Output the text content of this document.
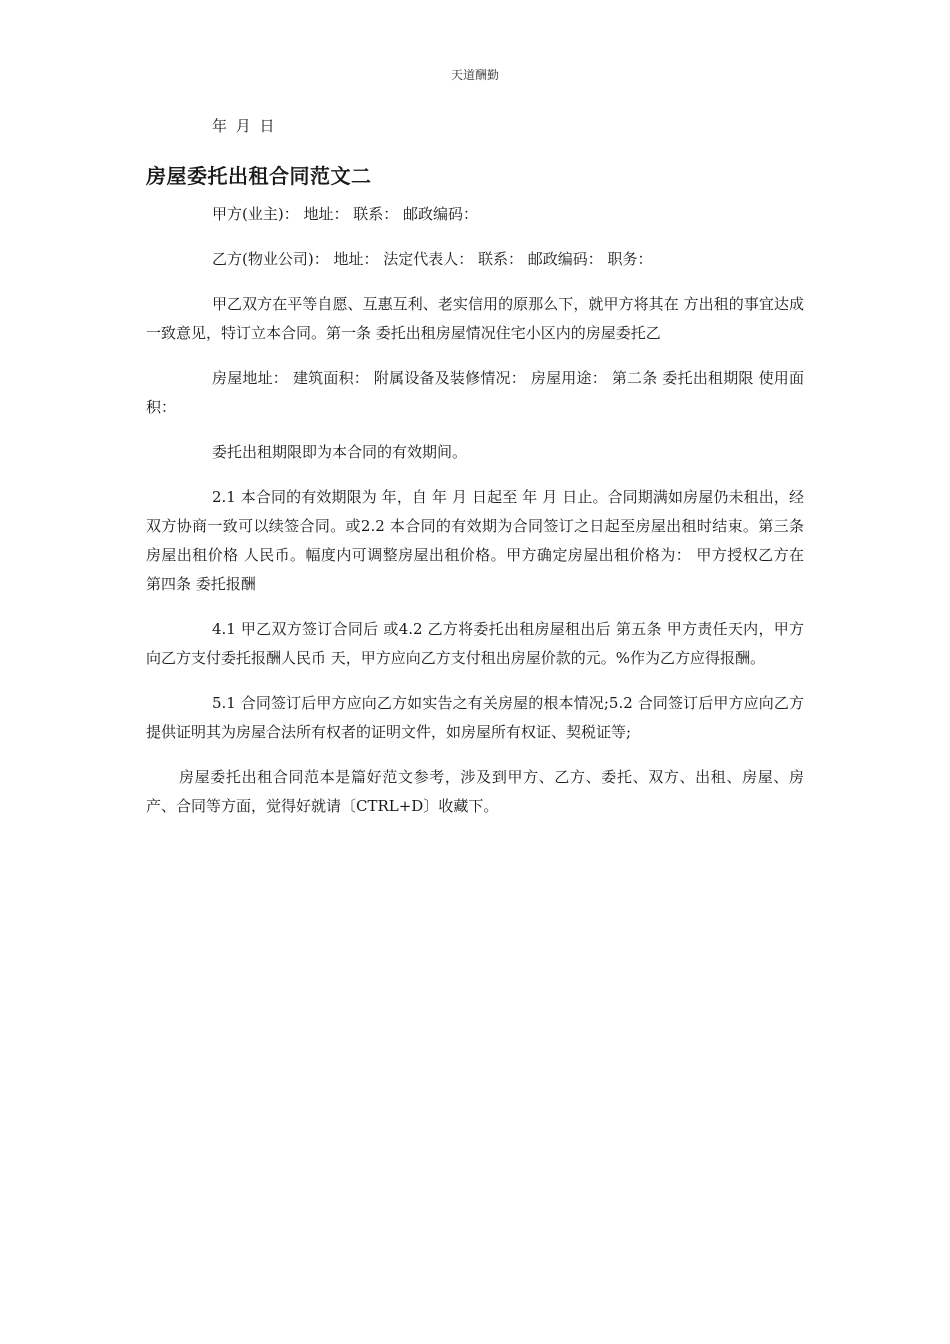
天道酬勤
年 月 日
房屋委托出租合同范文二

甲方(业主)： 地址： 联系： 邮政编码：

乙方(物业公司)： 地址： 法定代表人： 联系： 邮政编码： 职务：

甲乙双方在平等自愿、互惠互利、老实信用的原那么下，就甲方将其在 方出租的事宜达成一致意见，特订立本合同。第一条 委托出租房屋情况住宅小区内的房屋委托乙

房屋地址： 建筑面积： 附属设备及装修情况： 房屋用途： 第二条 委托出租期限 使用面积：

委托出租期限即为本合同的有效期间。

2.1 本合同的有效期限为 年，自 年 月 日起至 年 月 日止。合同期满如房屋仍未租出，经双方协商一致可以续签合同。或2.2 本合同的有效期为合同签订之日起至房屋出租时结束。第三条 房屋出租价格 人民币。幅度内可调整房屋出租价格。甲方确定房屋出租价格为： 甲方授权乙方在 第四条 委托报酬

4.1 甲乙双方签订合同后 或4.2 乙方将委托出租房屋租出后 第五条 甲方责任天内，甲方向乙方支付委托报酬人民币 天，甲方应向乙方支付租出房屋价款的元。%作为乙方应得报酬。

5.1 合同签订后甲方应向乙方如实告之有关房屋的根本情况;5.2 合同签订后甲方应向乙方提供证明其为房屋合法所有权者的证明文件，如房屋所有权证、契税证等;

房屋委托出租合同范本是篇好范文参考，涉及到甲方、乙方、委托、双方、出租、房屋、房产、合同等方面，觉得好就请〔CTRL+D〕收藏下。
